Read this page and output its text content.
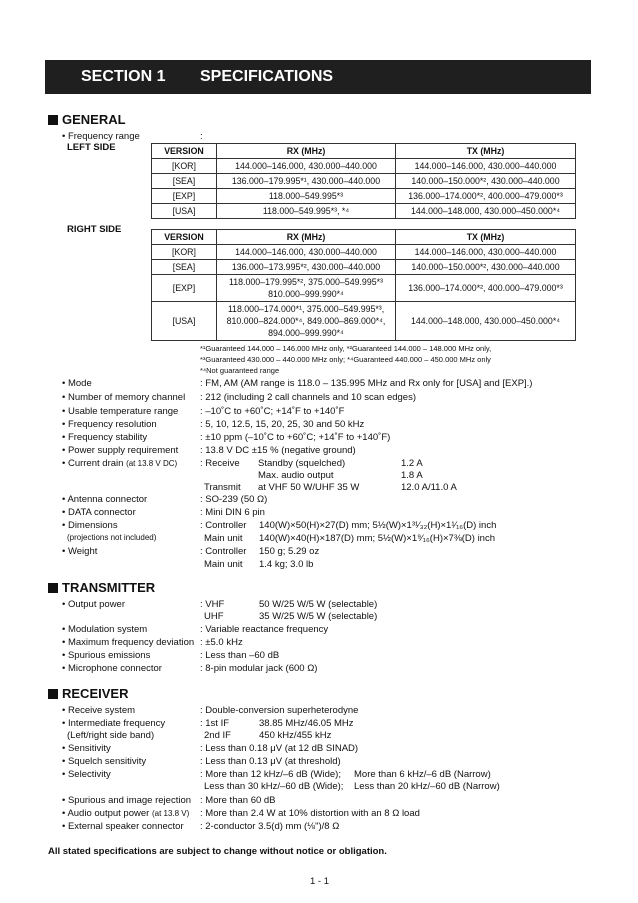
SECTION 1 SPECIFICATIONS
GENERAL
• Frequency range	:
LEFT SIDE	VERSION	RX (MHz)	TX (MHz)
[KOR]	144.000–146.000, 430.000–440.000	144.000–146.000, 430.000–440.000
[SEA]	136.000–179.995*¹, 430.000–440.000	140.000–150.000*², 430.000–440.000
[EXP]	118.000–549.995*³	136.000–174.000*², 400.000–479.000*³
[USA]	118.000–549.995*³, *⁴	144.000–148.000, 430.000–450.000*⁴
RIGHT SIDE
VERSION	RX (MHz)	TX (MHz)
[KOR]	144.000–146.000, 430.000–440.000	144.000–146.000, 430.000–440.000
[SEA]	136.000–173.995*², 430.000–440.000	140.000–150.000*², 430.000–440.000
[EXP]	118.000–179.995*², 375.000–549.995*³
810.000–999.990*⁴	136.000–174.000*², 400.000–479.000*³
[USA]	118.000–174.000*¹, 375.000–549.995*³,
810.000–824.000*⁴, 849.000–869.000*⁴,
894.000–999.990*⁴	144.000–148.000, 430.000–450.000*⁴
*¹Guaranteed 144.000 – 146.000 MHz only, *²Guaranteed 144.000 – 148.000 MHz only,
*³Guaranteed 430.000 – 440.000 MHz only; *⁴Guaranteed 440.000 – 450.000 MHz only
*⁴Not guaranteed range
• Mode	: FM, AM (AM range is 118.0 – 135.995 MHz and Rx only for [USA] and [EXP].)
• Number of memory channel : 212 (including 2 call channels and 10 scan edges)
• Usable temperature range : –10˚C to +60˚C; +14˚F to +140˚F
• Frequency resolution	: 5, 10, 12.5, 15, 20, 25, 30 and 50 kHz
• Frequency stability	: ±10 ppm (–10˚C to +60˚C; +14˚F to +140˚F)
• Power supply requirement : 13.8 V DC ±15 % (negative ground)
• Current drain (at 13.8 V DC) : Receive Standby (squelched)	1.2 A
Max. audio output	1.8 A
Transmit at VHF 50 W/UHF 35 W	12.0 A/11.0 A
• Antenna connector	: SO-239 (50 Ω)
• DATA connector	: Mini DIN 6 pin
• Dimensions
(projections not included)
: Controller 140(W)×50(H)×27(D) mm; 5½(W)×1³¹⁄₃₂(H)×1¹⁄₁₆(D) inch
Main unit 140(W)×40(H)×187(D) mm; 5½(W)×1⁹⁄₁₆(H)×7⅜(D) inch
• Weight	: Controller 150 g; 5.29 oz
Main unit 1.4 kg; 3.0 lb
TRANSMITTER
• Output power	: VHF	50 W/25 W/5 W (selectable)
UHF	35 W/25 W/5 W (selectable)
• Modulation system	: Variable reactance frequency
• Maximum frequency deviation : ±5.0 kHz
• Spurious emissions	: Less than –60 dB
• Microphone connector	: 8-pin modular jack (600 Ω)
RECEIVER
• Receive system	: Double-conversion superheterodyne
• Intermediate frequency
(Left/right side band)
: 1st IF	38.85 MHz/46.05 MHz
2nd IF	450 kHz/455 kHz
• Sensitivity	: Less than 0.18 μV (at 12 dB SINAD)
• Squelch sensitivity	: Less than 0.13 μV (at threshold)
• Selectivity	: More than 12 kHz/–6 dB (Wide); More than 6 kHz/–6 dB (Narrow)
Less than 30 kHz/–60 dB (Wide); Less than 20 kHz/–60 dB (Narrow)
• Spurious and image rejection : More than 60 dB
• Audio output power (at 13.8 V) : More than 2.4 W at 10% distortion with an 8 Ω load
• External speaker connector : 2-conductor 3.5(d) mm (⅛")/8 Ω
All stated specifications are subject to change without notice or obligation.
1 - 1
